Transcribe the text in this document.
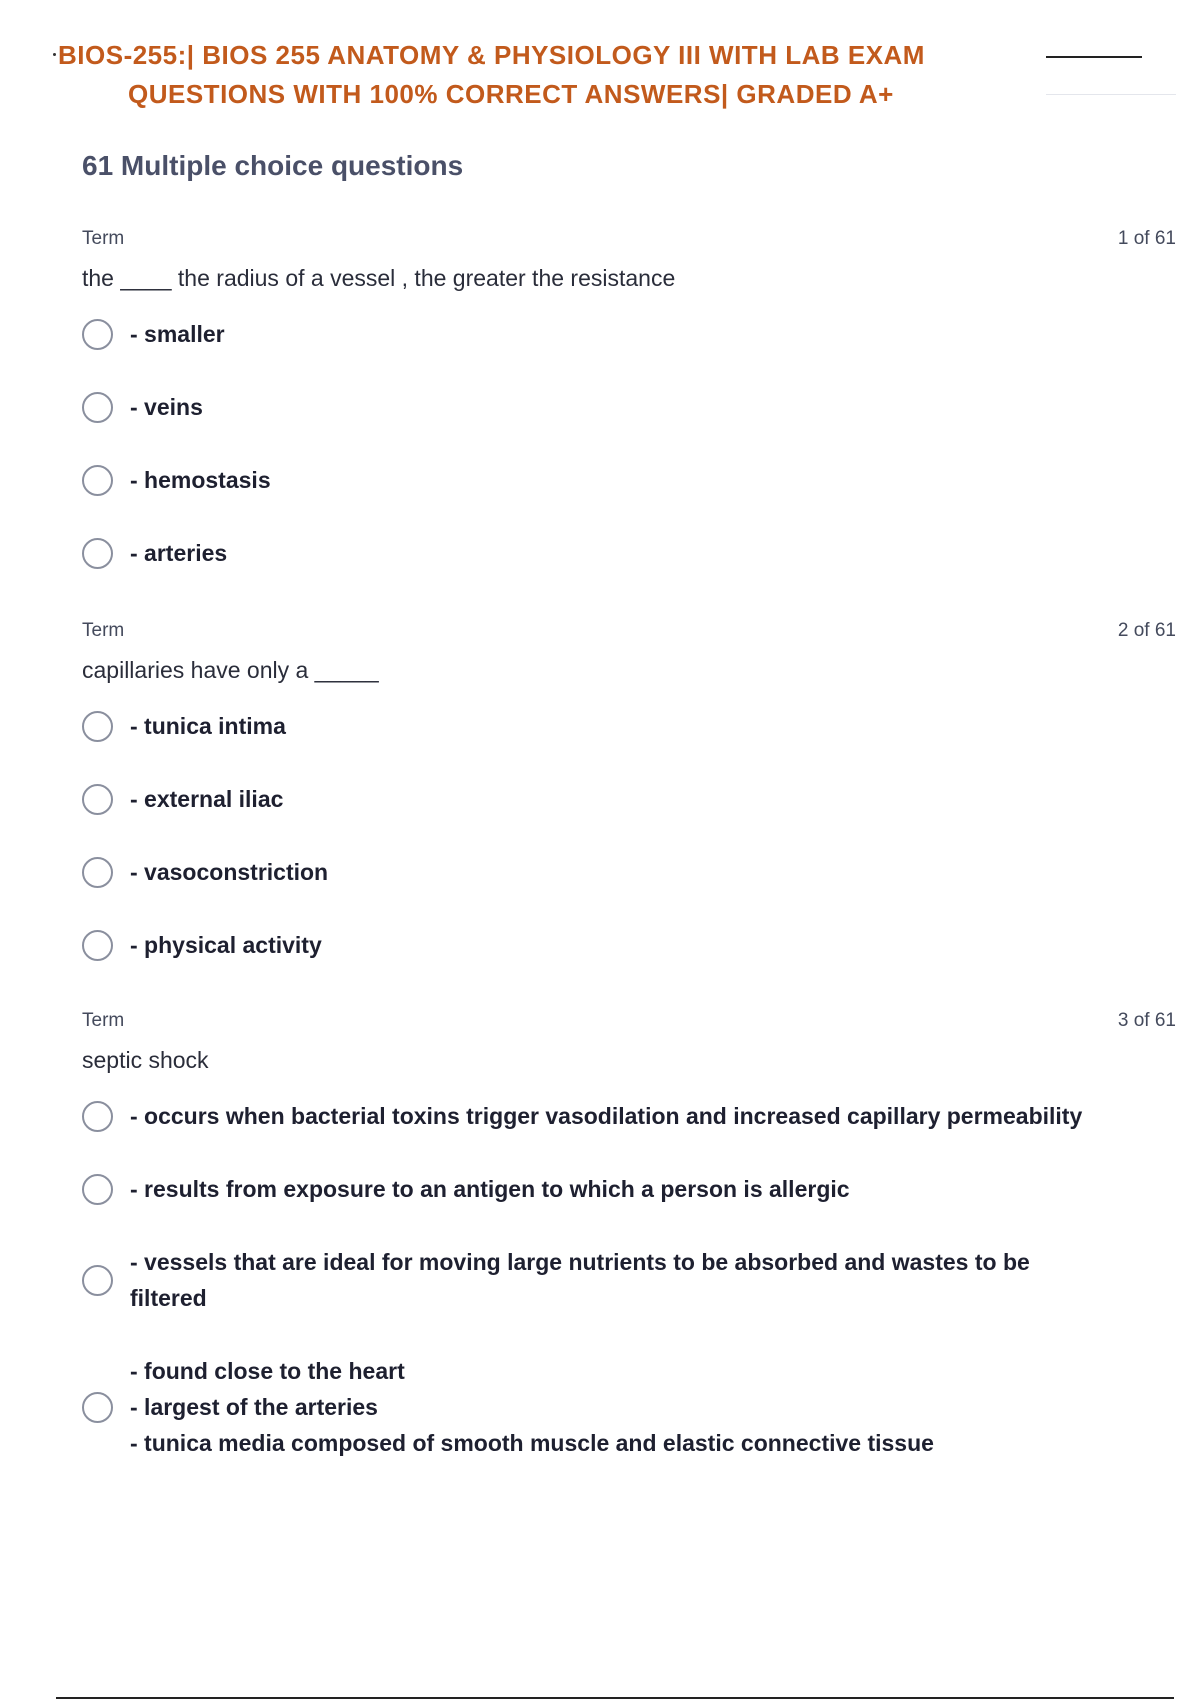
BIOS-255:| BIOS 255 ANATOMY & PHYSIOLOGY III WITH LAB EXAM
QUESTIONS WITH 100% CORRECT ANSWERS| GRADED A+
61 Multiple choice questions
Term	1 of 61
the ____ the radius of a vessel , the greater the resistance
- smaller
- veins
- hemostasis
- arteries
Term	2 of 61
capillaries have only a _____
- tunica intima
- external iliac
- vasoconstriction
- physical activity
Term	3 of 61
septic shock
- occurs when bacterial toxins trigger vasodilation and increased capillary permeability
- results from exposure to an antigen to which a person is allergic
- vessels that are ideal for moving large nutrients to be absorbed and wastes to be filtered
- found close to the heart
- largest of the arteries
- tunica media composed of smooth muscle and elastic connective tissue
